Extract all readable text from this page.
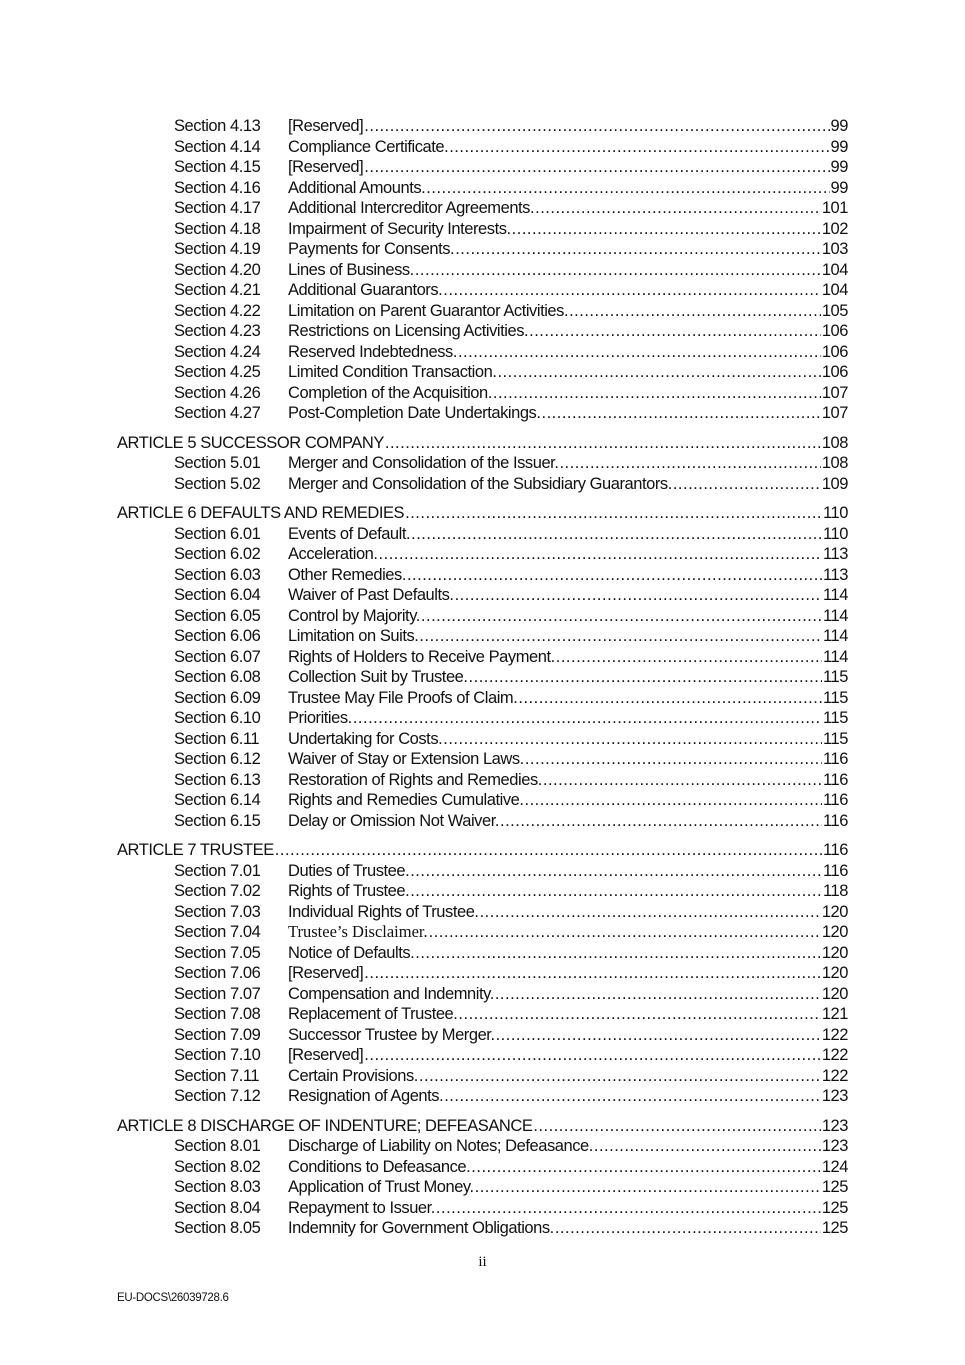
Section 4.13	[Reserved] .....	99
Section 4.14	Compliance Certificate. .....	99
Section 4.15	[Reserved] .....	99
Section 4.16	Additional Amounts. .....	99
Section 4.17	Additional Intercreditor Agreements. .....	101
Section 4.18	Impairment of Security Interests. .....	102
Section 4.19	Payments for Consents. .....	103
Section 4.20	Lines of Business. .....	104
Section 4.21	Additional Guarantors. .....	104
Section 4.22	Limitation on Parent Guarantor Activities. .....	105
Section 4.23	Restrictions on Licensing Activities. .....	106
Section 4.24	Reserved Indebtedness. .....	106
Section 4.25	Limited Condition Transaction. .....	106
Section 4.26	Completion of the Acquisition. .....	107
Section 4.27	Post-Completion Date Undertakings. .....	107
ARTICLE 5 SUCCESSOR COMPANY .....	108
Section 5.01	Merger and Consolidation of the Issuer. .....	108
Section 5.02	Merger and Consolidation of the Subsidiary Guarantors. .....	109
ARTICLE 6 DEFAULTS AND REMEDIES .....	110
Section 6.01	Events of Default. .....	110
Section 6.02	Acceleration. .....	113
Section 6.03	Other Remedies. .....	113
Section 6.04	Waiver of Past Defaults. .....	114
Section 6.05	Control by Majority. .....	114
Section 6.06	Limitation on Suits. .....	114
Section 6.07	Rights of Holders to Receive Payment. .....	114
Section 6.08	Collection Suit by Trustee. .....	115
Section 6.09	Trustee May File Proofs of Claim. .....	115
Section 6.10	Priorities. .....	115
Section 6.11	Undertaking for Costs. .....	115
Section 6.12	Waiver of Stay or Extension Laws. .....	116
Section 6.13	Restoration of Rights and Remedies. .....	116
Section 6.14	Rights and Remedies Cumulative. .....	116
Section 6.15	Delay or Omission Not Waiver. .....	116
ARTICLE 7 TRUSTEE .....	116
Section 7.01	Duties of Trustee. .....	116
Section 7.02	Rights of Trustee. .....	118
Section 7.03	Individual Rights of Trustee. .....	120
Section 7.04	Trustee’s Disclaimer. .....	120
Section 7.05	Notice of Defaults. .....	120
Section 7.06	[Reserved] .....	120
Section 7.07	Compensation and Indemnity. .....	120
Section 7.08	Replacement of Trustee. .....	121
Section 7.09	Successor Trustee by Merger. .....	122
Section 7.10	[Reserved] .....	122
Section 7.11	Certain Provisions. .....	122
Section 7.12	Resignation of Agents. .....	123
ARTICLE 8 DISCHARGE OF INDENTURE; DEFEASANCE .....	123
Section 8.01	Discharge of Liability on Notes; Defeasance. .....	123
Section 8.02	Conditions to Defeasance. .....	124
Section 8.03	Application of Trust Money. .....	125
Section 8.04	Repayment to Issuer. .....	125
Section 8.05	Indemnity for Government Obligations. .....	125
ii
EU-DOCS\26039728.6
